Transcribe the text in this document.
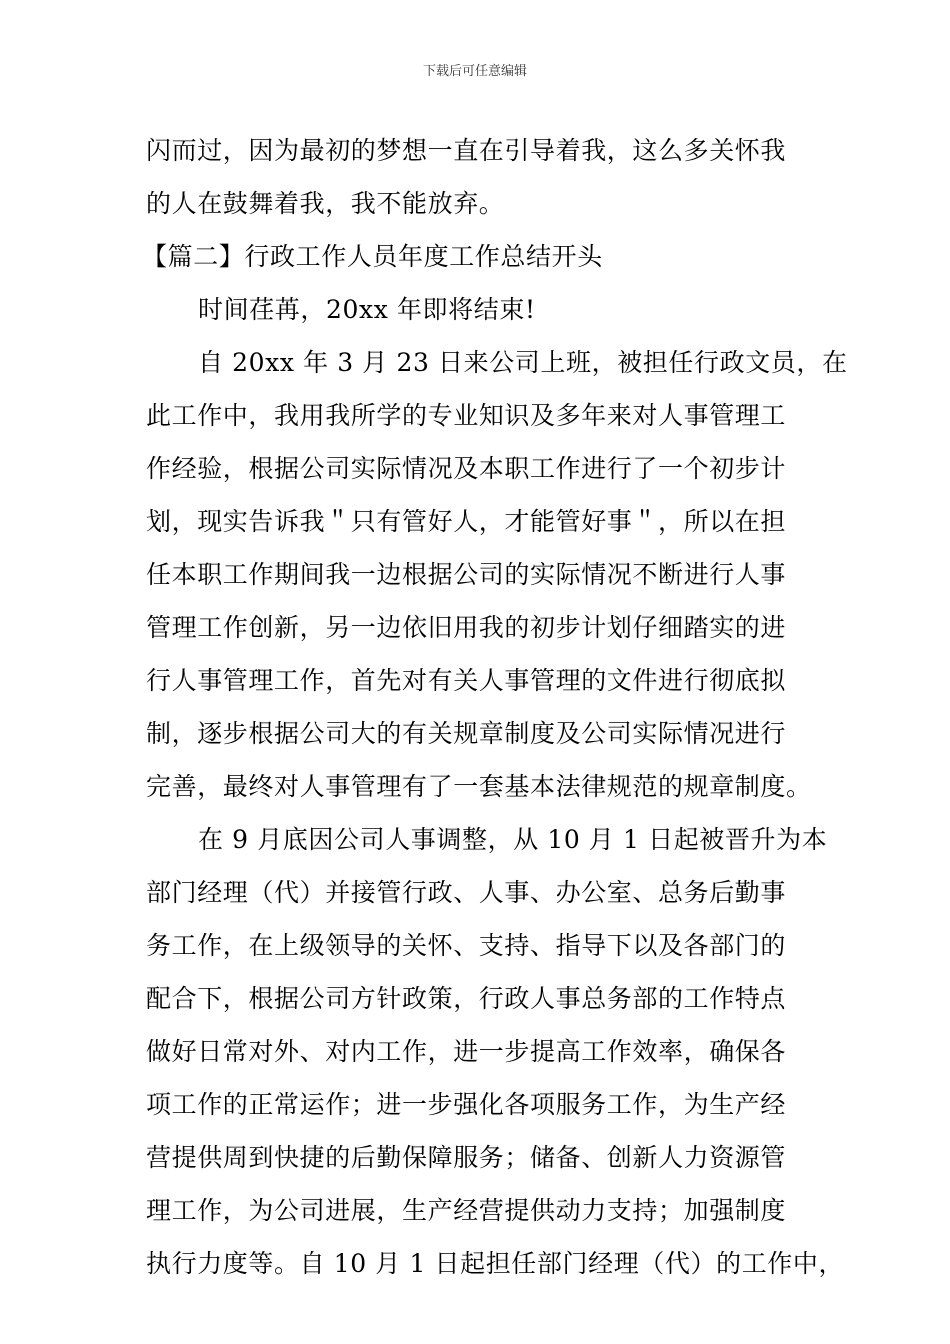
下载后可任意编辑
闪而过，因为最初的梦想一直在引导着我，这么多关怀我
的人在鼓舞着我，我不能放弃。
【篇二】行政工作人员年度工作总结开头
时间荏苒，20xx 年即将结束!
自 20xx 年 3 月 23 日来公司上班，被担任行政文员，在
此工作中，我用我所学的专业知识及多年来对人事管理工
作经验，根据公司实际情况及本职工作进行了一个初步计
划，现实告诉我＂只有管好人，才能管好事＂，所以在担
任本职工作期间我一边根据公司的实际情况不断进行人事
管理工作创新，另一边依旧用我的初步计划仔细踏实的进
行人事管理工作，首先对有关人事管理的文件进行彻底拟
制，逐步根据公司大的有关规章制度及公司实际情况进行
完善，最终对人事管理有了一套基本法律规范的规章制度。
在 9 月底因公司人事调整，从 10 月 1 日起被晋升为本
部门经理（代）并接管行政、人事、办公室、总务后勤事
务工作，在上级领导的关怀、支持、指导下以及各部门的
配合下，根据公司方针政策，行政人事总务部的工作特点
做好日常对外、对内工作，进一步提高工作效率，确保各
项工作的正常运作；进一步强化各项服务工作，为生产经
营提供周到快捷的后勤保障服务；储备、创新人力资源管
理工作，为公司进展，生产经营提供动力支持；加强制度
执行力度等。自 10 月 1 日起担任部门经理（代）的工作中，
